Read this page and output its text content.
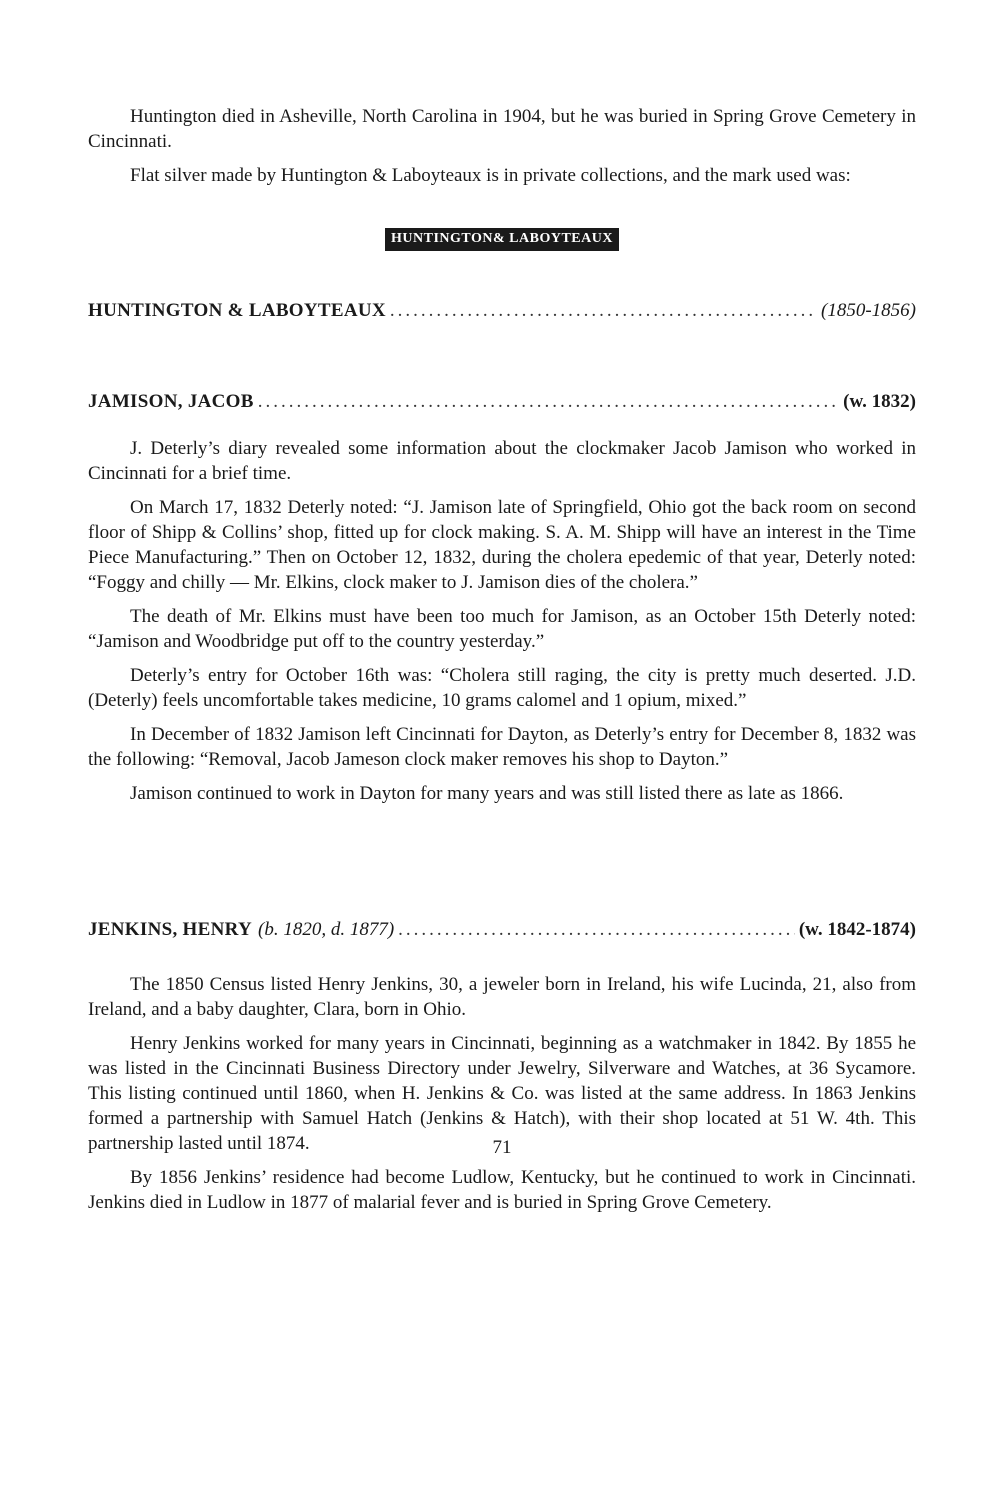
Huntington died in Asheville, North Carolina in 1904, but he was buried in Spring Grove Cemetery in Cincinnati.

Flat silver made by Huntington & Laboyteaux is in private collections, and the mark used was:

HUNTINGTON& LABOYTEAUX
HUNTINGTON & LABOYTEAUX .....	(1850-1856)
JAMISON, JACOB .....	(w. 1832)

J. Deterly’s diary revealed some information about the clockmaker Jacob Jamison who worked in Cincinnati for a brief time.

On March 17, 1832 Deterly noted: “J. Jamison late of Springfield, Ohio got the back room on second floor of Shipp & Collins’ shop, fitted up for clock making. S. A. M. Shipp will have an interest in the Time Piece Manufacturing.” Then on October 12, 1832, during the cholera epedemic of that year, Deterly noted: “Foggy and chilly — Mr. Elkins, clock maker to J. Jamison dies of the cholera.”

The death of Mr. Elkins must have been too much for Jamison, as an October 15th Deterly noted: “Jamison and Woodbridge put off to the country yesterday.”

Deterly’s entry for October 16th was: “Cholera still raging, the city is pretty much deserted. J.D. (Deterly) feels uncomfortable takes medicine, 10 grams calomel and 1 opium, mixed.”

In December of 1832 Jamison left Cincinnati for Dayton, as Deterly’s entry for December 8, 1832 was the following: “Removal, Jacob Jameson clock maker removes his shop to Dayton.”

Jamison continued to work in Dayton for many years and was still listed there as late as 1866.

JENKINS, HENRY (b. 1820, d. 1877) .....	(w. 1842-1874)

The 1850 Census listed Henry Jenkins, 30, a jeweler born in Ireland, his wife Lucinda, 21, also from Ireland, and a baby daughter, Clara, born in Ohio.

Henry Jenkins worked for many years in Cincinnati, beginning as a watchmaker in 1842. By 1855 he was listed in the Cincinnati Business Directory under Jewelry, Silverware and Watches, at 36 Sycamore. This listing continued until 1860, when H. Jenkins & Co. was listed at the same address. In 1863 Jenkins formed a partnership with Samuel Hatch (Jenkins & Hatch), with their shop located at 51 W. 4th. This partnership lasted until 1874.

By 1856 Jenkins’ residence had become Ludlow, Kentucky, but he continued to work in Cincinnati. Jenkins died in Ludlow in 1877 of malarial fever and is buried in Spring Grove Cemetery.

71
